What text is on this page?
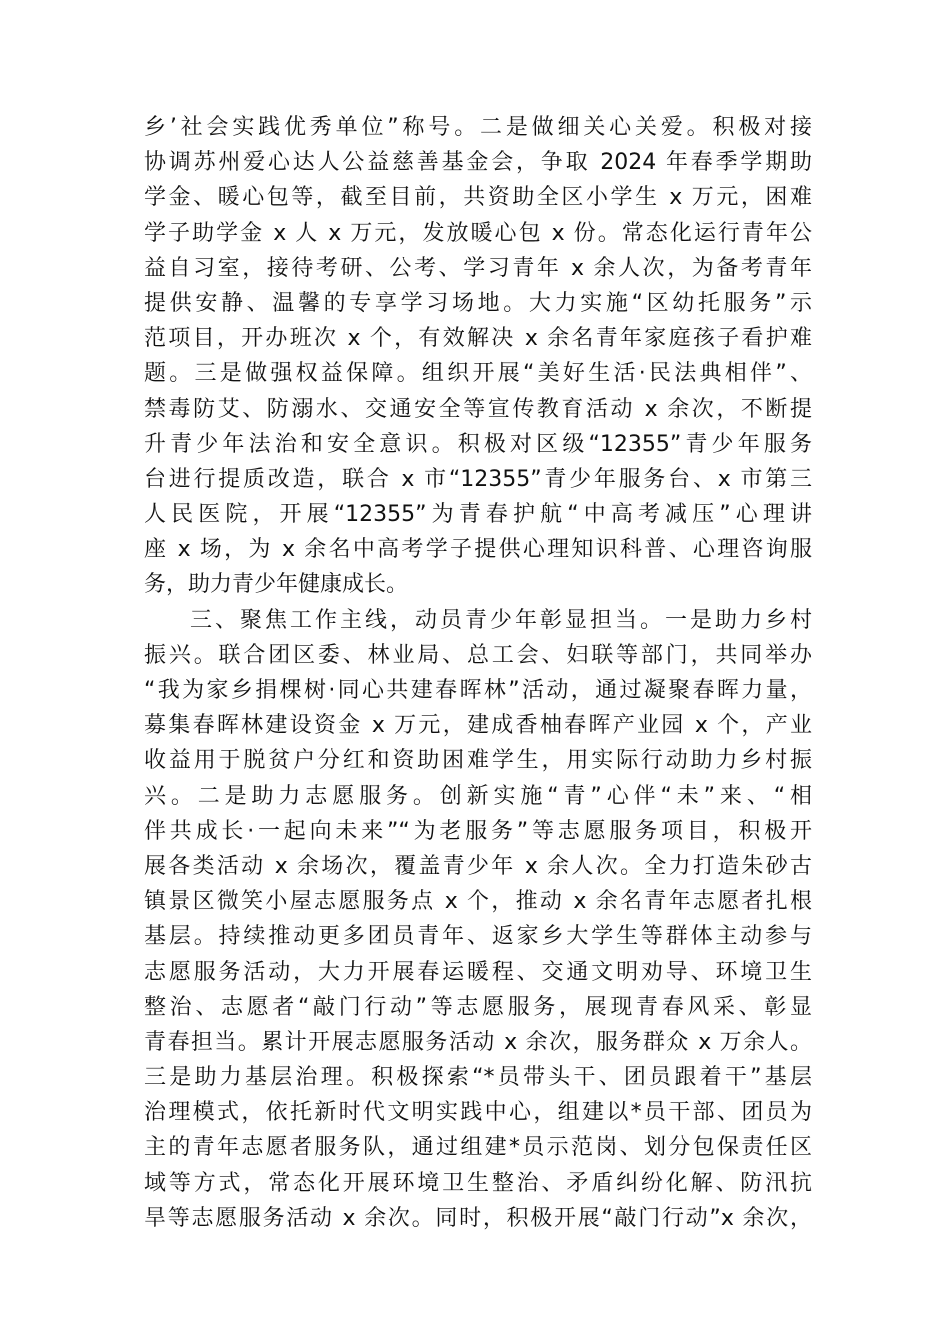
乡’社会实践优秀单位”称号。二是做细关心关爱。积极对接
协调苏州爱心达人公益慈善基金会，争取 2024 年春季学期助
学金、暖心包等，截至目前，共资助全区小学生 x 万元，困难
学子助学金 x 人 x 万元，发放暖心包 x 份。常态化运行青年公
益自习室，接待考研、公考、学习青年 x 余人次，为备考青年
提供安静、温馨的专享学习场地。大力实施“区幼托服务”示
范项目，开办班次 x 个，有效解决 x 余名青年家庭孩子看护难
题。三是做强权益保障。组织开展“美好生活·民法典相伴”、
禁毒防艾、防溺水、交通安全等宣传教育活动 x 余次，不断提
升青少年法治和安全意识。积极对区级“12355”青少年服务
台进行提质改造，联合 x 市“12355”青少年服务台、x 市第三
人民医院，开展“12355”为青春护航“中高考减压”心理讲
座 x 场，为 x 余名中高考学子提供心理知识科普、心理咨询服
务，助力青少年健康成长。
三、聚焦工作主线，动员青少年彰显担当。一是助力乡村
振兴。联合团区委、林业局、总工会、妇联等部门，共同举办
“我为家乡捐棵树·同心共建春晖林”活动，通过凝聚春晖力量，
募集春晖林建设资金 x 万元，建成香柚春晖产业园 x 个，产业
收益用于脱贫户分红和资助困难学生，用实际行动助力乡村振
兴。二是助力志愿服务。创新实施“青”心伴“未”来、“相
伴共成长·一起向未来”“为老服务”等志愿服务项目，积极开
展各类活动 x 余场次，覆盖青少年 x 余人次。全力打造朱砂古
镇景区微笑小屋志愿服务点 x 个，推动 x 余名青年志愿者扎根
基层。持续推动更多团员青年、返家乡大学生等群体主动参与
志愿服务活动，大力开展春运暖程、交通文明劝导、环境卫生
整治、志愿者“敲门行动”等志愿服务，展现青春风采、彰显
青春担当。累计开展志愿服务活动 x 余次，服务群众 x 万余人。
三是助力基层治理。积极探索“*员带头干、团员跟着干”基层
治理模式，依托新时代文明实践中心，组建以*员干部、团员为
主的青年志愿者服务队，通过组建*员示范岗、划分包保责任区
域等方式，常态化开展环境卫生整治、矛盾纠纷化解、防汛抗
旱等志愿服务活动 x 余次。同时，积极开展“敲门行动”x 余次，
